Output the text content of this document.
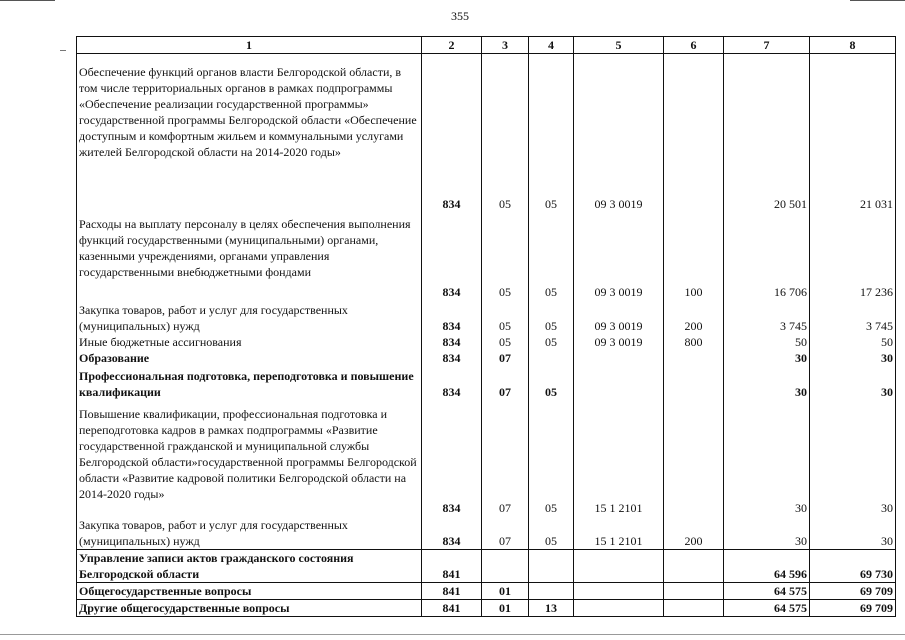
355
1	2	3	4	5	6	7	8
Обеспечение функций органов власти Белгородской области, в том числе территориальных органов в рамках подпрограммы «Обеспечение реализации государственной программы» государственной программы Белгородской области «Обеспечение доступным и комфортным жильем и коммунальными услугами жителей Белгородской области на 2014-2020 годы»	834	05	05	09 3 0019		20 501	21 031
Расходы на выплату персоналу в целях обеспечения выполнения функций государственными (муниципальными) органами, казенными учреждениями, органами управления государственными внебюджетными фондами	834	05	05	09 3 0019	100	16 706	17 236
Закупка товаров, работ и услуг для государственных (муниципальных) нужд	834	05	05	09 3 0019	200	3 745	3 745
Иные бюджетные ассигнования	834	05	05	09 3 0019	800	50	50
Образование	834	07				30	30
Профессиональная подготовка, переподготовка и повышение квалификации	834	07	05			30	30
Повышение квалификации, профессиональная подготовка и переподготовка кадров в рамках подпрограммы «Развитие государственной гражданской и муниципальной службы Белгородской области»государственной программы Белгородской области «Развитие кадровой политики Белгородской области на 2014-2020 годы»	834	07	05	15 1 2101		30	30
Закупка товаров, работ и услуг для государственных (муниципальных) нужд	834	07	05	15 1 2101	200	30	30
Управление записи актов гражданского состояния Белгородской области	841					64 596	69 730
Общегосударственные вопросы	841	01				64 575	69 709
Другие общегосударственные вопросы	841	01	13			64 575	69 709
